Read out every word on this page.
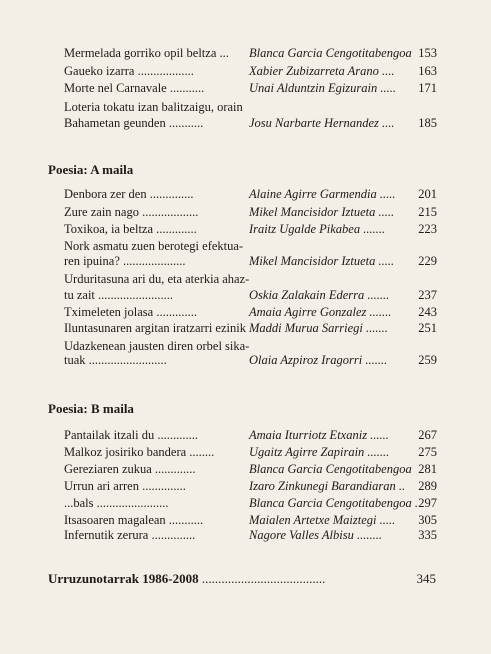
Poesia: A maila
Poesia: B maila
Urruzunotarrak 1986-2008 ......................................	345
Mermelada gorriko opil beltza ... Blanca Garcia Cengotitabengoa 153
Gaueko izarra ..................	Xabier Zubizarreta Arano .... 163
Morte nel Carnavale ...........	Unai Alduntzin Egizurain ..... 171
Loteria tokatu izan balitzaigu, orain
Bahametan geunden ...........	Josu Narbarte Hernandez .... 185
Denbora zer den ..............	Alaine Agirre Garmendia ..... 201
Zure zain nago ..................	Mikel Mancisidor Iztueta ..... 215
Toxikoa, ia beltza .............	Iraitz Ugalde Pikabea .......	223
Nork asmatu zuen berotegi efektua-
ren ipuina? ....................	Mikel Mancisidor Iztueta ..... 229
Urduritasuna ari du, eta aterkia ahaz-
tu zait ........................	Oskia Zalakain Ederra ....... 237
Tximeleten jolasa .............	Amaia Agirre Gonzalez ....... 243
Iluntasunaren argitan iratzarri ezinik Maddi Murua Sarriegi ....... 251
Udazkenean jausten diren orbel sika-
tuak .........................	Olaia Azpiroz Iragorri ....... 259
Pantailak itzali du .............	Amaia Iturriotz Etxaniz ...... 267
Malkoz josiriko bandera ........	Ugaitz Agirre Zapirain ....... 275
Gereziaren zukua .............	Blanca Garcia Cengotitabengoa 281
Urrun ari arren ..............	Izaro Zinkunegi Barandiaran .. 289
...bals .......................	Blanca Garcia Cengotitabengoa . 297
Itsasoaren magalean ...........	Maialen Artetxe Maiztegi ..... 305
Infernutik zerura ..............	Nagore Valles Albisu ........	335
